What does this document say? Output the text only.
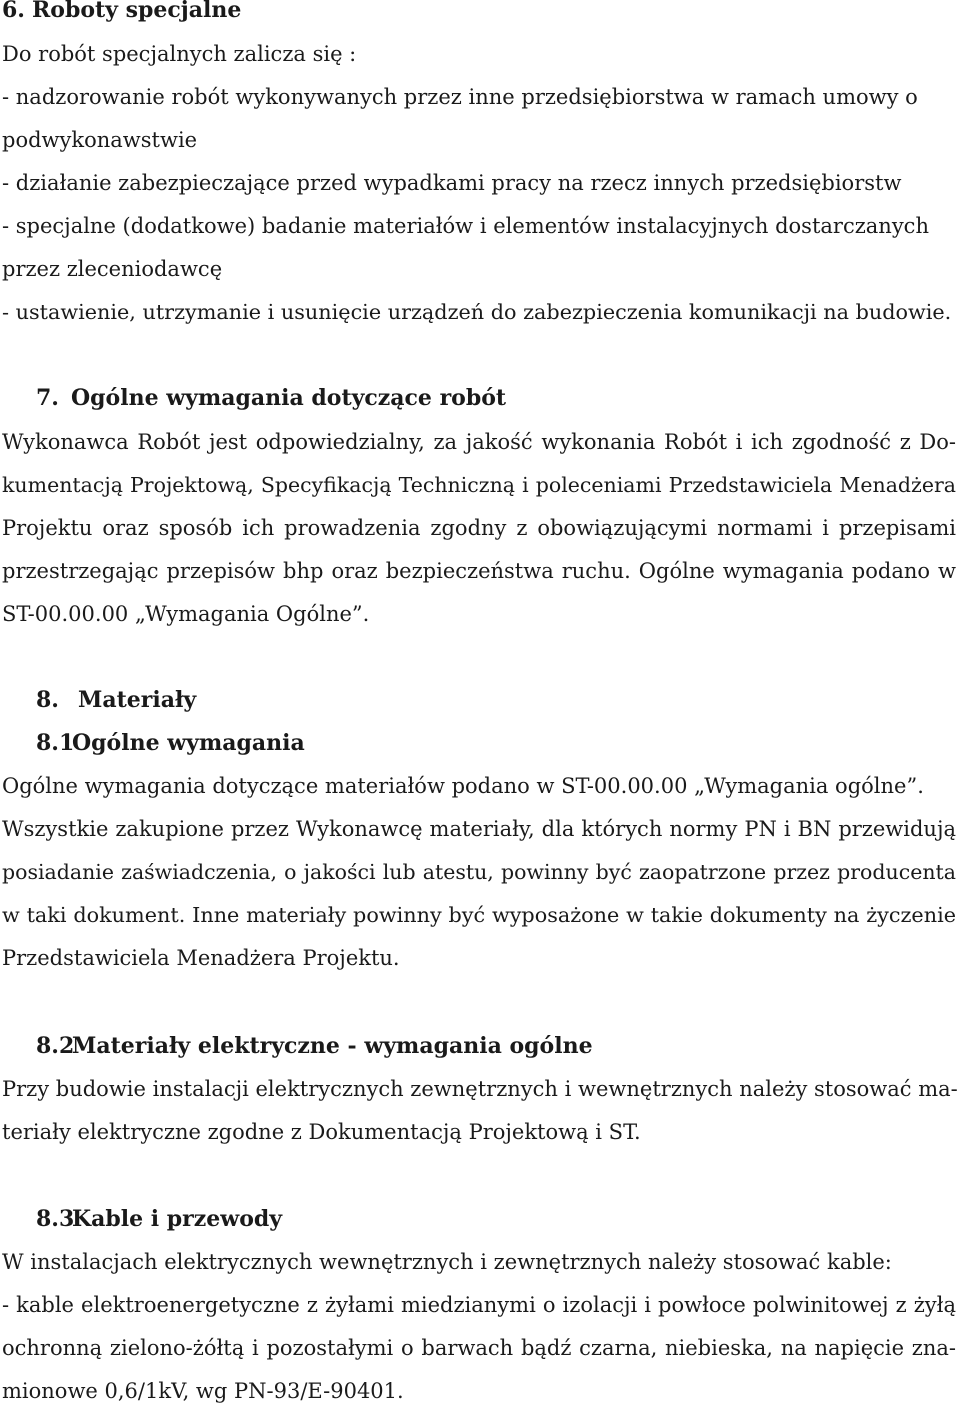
6. Roboty specjalne
Do robót specjalnych zalicza się :
- nadzorowanie robót wykonywanych przez inne przedsiębiorstwa w ramach umowy o
podwykonawstwie
- działanie zabezpieczające przed wypadkami pracy na rzecz innych przedsiębiorstw
- specjalne (dodatkowe) badanie materiałów i elementów instalacyjnych dostarczanych
przez zleceniodawcę
- ustawienie, utrzymanie i usunięcie urządzeń do zabezpieczenia komunikacji na budowie.
7. Ogólne wymagania dotyczące robót
Wykonawca Robót jest odpowiedzialny, za jakość wykonania Robót i ich zgodność z Do-
kumentacją Projektową, Specyfikacją Techniczną i poleceniami Przedstawiciela Menadżera
Projektu oraz sposób ich prowadzenia zgodny z obowiązującymi normami i przepisami
przestrzegając przepisów bhp oraz bezpieczeństwa ruchu. Ogólne wymagania podano w
ST-00.00.00 „Wymagania Ogólne”.
8. Materiały
8.1Ogólne wymagania
Ogólne wymagania dotyczące materiałów podano w ST-00.00.00 „Wymagania ogólne”.
Wszystkie zakupione przez Wykonawcę materiały, dla których normy PN i BN przewidują
posiadanie zaświadczenia, o jakości lub atestu, powinny być zaopatrzone przez producenta
w taki dokument. Inne materiały powinny być wyposażone w takie dokumenty na życzenie
Przedstawiciela Menadżera Projektu.
8.2Materiały elektryczne - wymagania ogólne
Przy budowie instalacji elektrycznych zewnętrznych i wewnętrznych należy stosować ma-
teriały elektryczne zgodne z Dokumentacją Projektową i ST.
8.3Kable i przewody
W instalacjach elektrycznych wewnętrznych i zewnętrznych należy stosować kable:
- kable elektroenergetyczne z żyłami miedzianymi o izolacji i powłoce polwinitowej z żyłą
ochronną zielono-żółtą i pozostałymi o barwach bądź czarna, niebieska, na napięcie zna-
mionowe 0,6/1kV, wg PN-93/E-90401.
